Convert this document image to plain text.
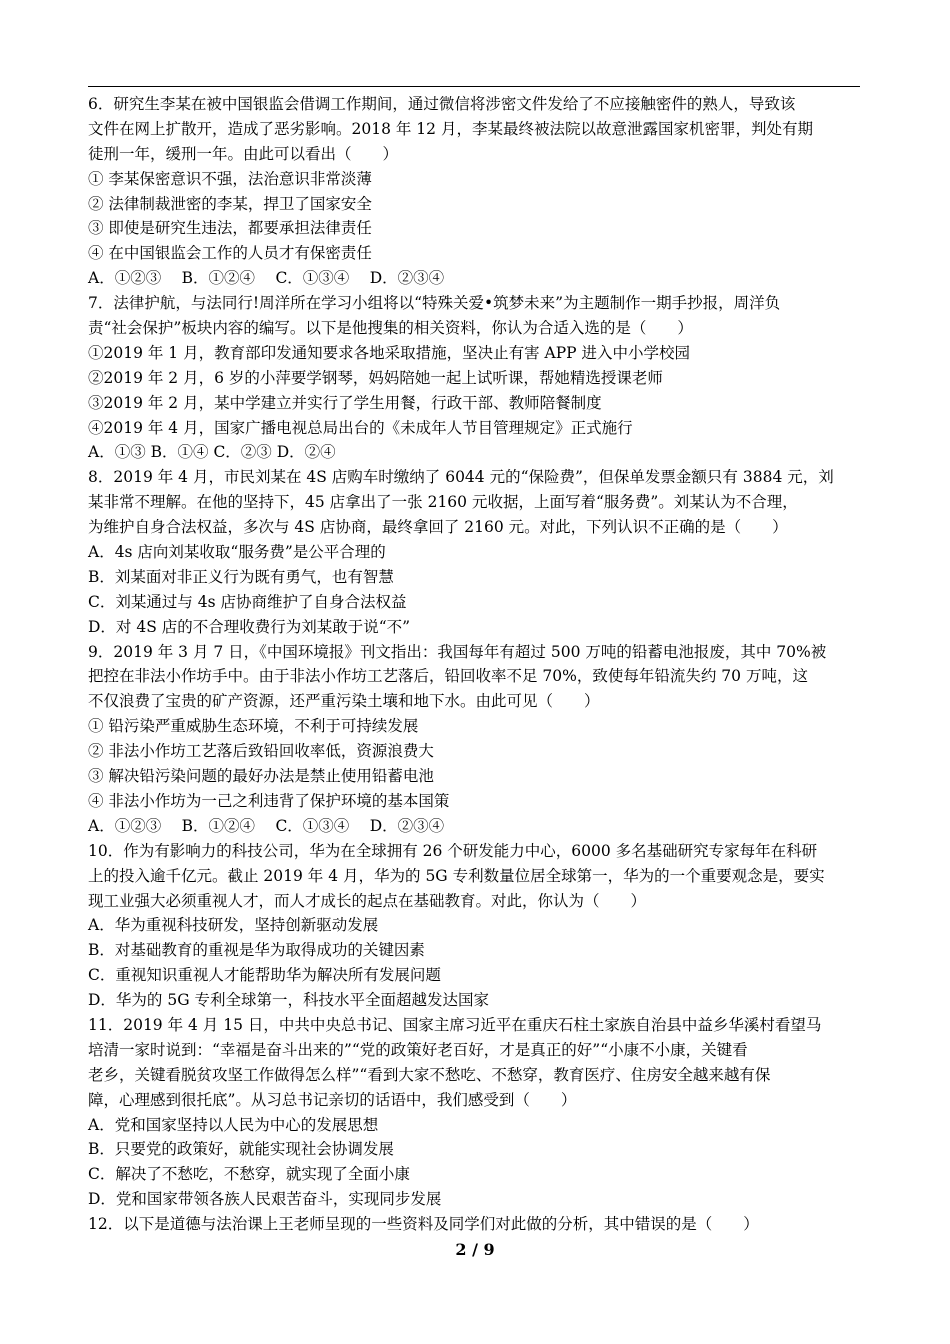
6．研究生李某在被中国银监会借调工作期间，通过微信将涉密文件发给了不应接触密件的熟人，导致该
文件在网上扩散开，造成了恶劣影响。2018 年 12 月，李某最终被法院以故意泄露国家机密罪，判处有期
徒刑一年，缓刑一年。由此可以看出（　　）
① 李某保密意识不强，法治意识非常淡薄
② 法律制裁泄密的李某，捍卫了国家安全
③ 即使是研究生违法，都要承担法律责任
④ 在中国银监会工作的人员才有保密责任
A．①②③　 B．①②④　 C．①③④　 D．②③④
7．法律护航，与法同行!周洋所在学习小组将以“特殊关爱•筑梦未来”为主题制作一期手抄报，周洋负
责“社会保护”板块内容的编写。以下是他搜集的相关资料，你认为合适入选的是（　　）
①2019 年 1 月，教育部印发通知要求各地采取措施，坚决止有害 APP 进入中小学校园
②2019 年 2 月，6 岁的小萍要学钢琴，妈妈陪她一起上试听课，帮她精选授课老师
③2019 年 2 月，某中学建立并实行了学生用餐，行政干部、教师陪餐制度
④2019 年 4 月，国家广播电视总局出台的《未成年人节目管理规定》正式施行
A．①③ B．①④ C．②③ D．②④
8．2019 年 4 月，市民刘某在 4S 店购车时缴纳了 6044 元的“保险费”，但保单发票金额只有 3884 元，刘
某非常不理解。在他的坚持下，45 店拿出了一张 2160 元收据，上面写着“服务费”。刘某认为不合理，
为维护自身合法权益，多次与 4S 店协商，最终拿回了 2160 元。对此，下列认识不正确的是（　　）
A．4s 店向刘某收取“服务费”是公平合理的
B．刘某面对非正义行为既有勇气，也有智慧
C．刘某通过与 4s 店协商维护了自身合法权益
D．对 4S 店的不合理收费行为刘某敢于说“不”
9．2019 年 3 月 7 日，《中国环境报》刊文指出：我国每年有超过 500 万吨的铅蓄电池报废，其中 70%被
把控在非法小作坊手中。由于非法小作坊工艺落后，铅回收率不足 70%，致使每年铅流失约 70 万吨，这
不仅浪费了宝贵的矿产资源，还严重污染土壤和地下水。由此可见（　　）
① 铅污染严重威胁生态环境，不利于可持续发展
② 非法小作坊工艺落后致铅回收率低，资源浪费大
③ 解决铅污染问题的最好办法是禁止使用铅蓄电池
④ 非法小作坊为一己之利违背了保护环境的基本国策
A．①②③　 B．①②④　 C．①③④　 D．②③④
10．作为有影响力的科技公司，华为在全球拥有 26 个研发能力中心，6000 多名基础研究专家每年在科研
上的投入逾千亿元。截止 2019 年 4 月，华为的 5G 专利数量位居全球第一，华为的一个重要观念是，要实
现工业强大必须重视人才，而人才成长的起点在基础教育。对此，你认为（　　）
A．华为重视科技研发，坚持创新驱动发展
B．对基础教育的重视是华为取得成功的关键因素
C．重视知识重视人才能帮助华为解决所有发展问题
D．华为的 5G 专利全球第一，科技水平全面超越发达国家
11．2019 年 4 月 15 日，中共中央总书记、国家主席习近平在重庆石柱土家族自治县中益乡华溪村看望马
培清一家时说到：“幸福是奋斗出来的”“党的政策好老百好，才是真正的好”“小康不小康，关键看
老乡，关键看脱贫攻坚工作做得怎么样”“看到大家不愁吃、不愁穿，教育医疗、住房安全越来越有保
障，心理感到很托底”。从习总书记亲切的话语中，我们感受到（　　）
A．党和国家坚持以人民为中心的发展思想
B．只要党的政策好，就能实现社会协调发展
C．解决了不愁吃，不愁穿，就实现了全面小康
D．党和国家带领各族人民艰苦奋斗，实现同步发展
12．以下是道德与法治课上王老师呈现的一些资料及同学们对此做的分析，其中错误的是（　　）
2 / 9
